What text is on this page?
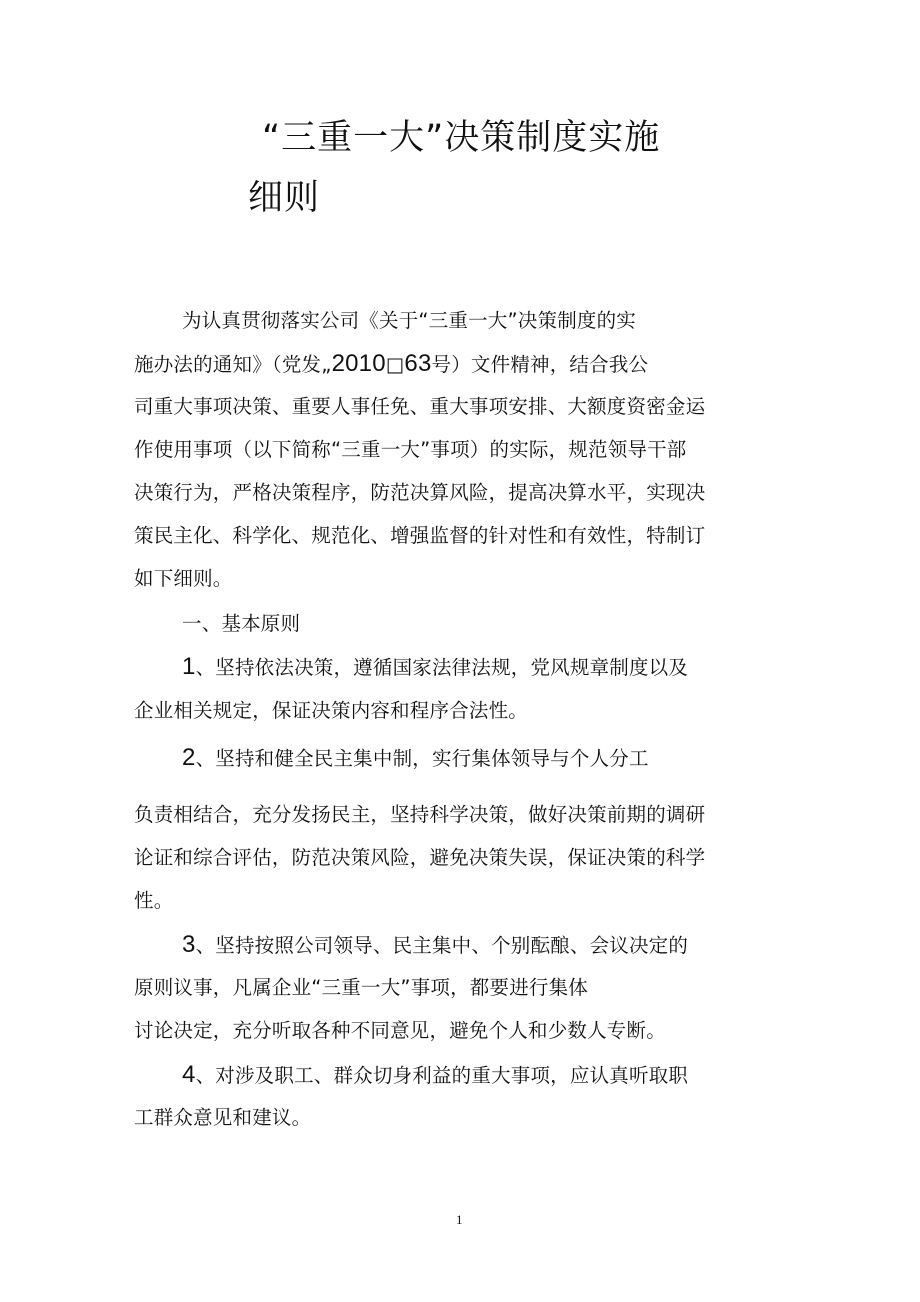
“三重一大”决策制度实施
细则
为认真贯彻落实公司《关于“三重一大”决策制度的实
施办法的通知》（党发„2010□63号）文件精神，结合我公
司重大事项决策、重要人事任免、重大事项安排、大额度资密金运
作使用事项（以下简称“三重一大”事项）的实际，规范领导干部
决策行为，严格决策程序，防范决算风险，提高决算水平，实现决
策民主化、科学化、规范化、增强监督的针对性和有效性，特制订
如下细则。
一、基本原则
1、坚持依法决策，遵循国家法律法规，党风规章制度以及
企业相关规定，保证决策内容和程序合法性。
2、坚持和健全民主集中制，实行集体领导与个人分工
负责相结合，充分发扬民主，坚持科学决策，做好决策前期的调研
论证和综合评估，防范决策风险，避免决策失误，保证决策的科学
性。
3、坚持按照公司领导、民主集中、个别酝酿、会议决定的
原则议事，凡属企业“三重一大”事项，都要进行集体
讨论决定，充分听取各种不同意见，避免个人和少数人专断。
4、对涉及职工、群众切身利益的重大事项，应认真听取职
工群众意见和建议。
1
